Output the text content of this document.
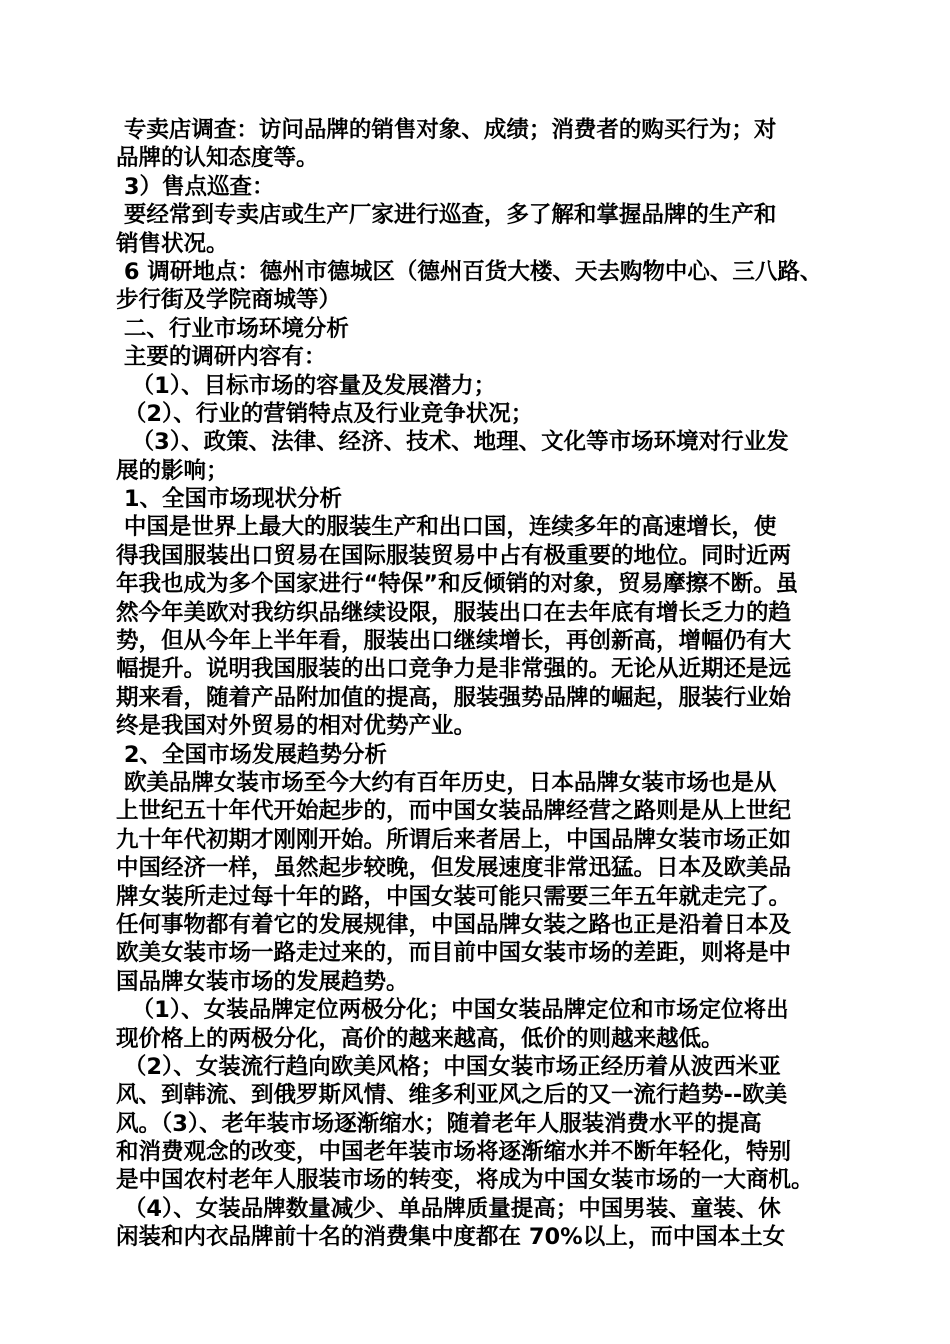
专卖店调查：访问品牌的销售对象、成绩；消费者的购买行为；对
品牌的认知态度等。
3）售点巡查：
要经常到专卖店或生产厂家进行巡查，多了解和掌握品牌的生产和
销售状况。
6 调研地点：德州市德城区（德州百货大楼、天去购物中心、三八路、
步行街及学院商城等）
二、行业市场环境分析
主要的调研内容有：
（1）、目标市场的容量及发展潜力；
（2）、行业的营销特点及行业竞争状况；
（3）、政策、法律、经济、技术、地理、文化等市场环境对行业发
展的影响；
1、全国市场现状分析
中国是世界上最大的服装生产和出口国，连续多年的高速增长，使
得我国服装出口贸易在国际服装贸易中占有极重要的地位。同时近两
年我也成为多个国家进行“特保”和反倾销的对象，贸易摩擦不断。虽
然今年美欧对我纺织品继续设限，服装出口在去年底有增长乏力的趋
势，但从今年上半年看，服装出口继续增长，再创新高，增幅仍有大
幅提升。说明我国服装的出口竞争力是非常强的。无论从近期还是远
期来看，随着产品附加值的提高，服装强势品牌的崛起，服装行业始
终是我国对外贸易的相对优势产业。
2、全国市场发展趋势分析
欧美品牌女装市场至今大约有百年历史，日本品牌女装市场也是从
上世纪五十年代开始起步的，而中国女装品牌经营之路则是从上世纪
九十年代初期才刚刚开始。所谓后来者居上，中国品牌女装市场正如
中国经济一样，虽然起步较晚，但发展速度非常迅猛。日本及欧美品
牌女装所走过每十年的路，中国女装可能只需要三年五年就走完了。
任何事物都有着它的发展规律，中国品牌女装之路也正是沿着日本及
欧美女装市场一路走过来的，而目前中国女装市场的差距，则将是中
国品牌女装市场的发展趋势。
（1）、女装品牌定位两极分化；中国女装品牌定位和市场定位将出
现价格上的两极分化，高价的越来越高，低价的则越来越低。
（2）、女装流行趋向欧美风格；中国女装市场正经历着从波西米亚
风、到韩流、到俄罗斯风情、维多利亚风之后的又一流行趋势--欧美
风。（3）、老年装市场逐渐缩水；随着老年人服装消费水平的提高
和消费观念的改变，中国老年装市场将逐渐缩水并不断年轻化，特别
是中国农村老年人服装市场的转变，将成为中国女装市场的一大商机。
（4）、女装品牌数量减少、单品牌质量提高；中国男装、童装、休
闲装和内衣品牌前十名的消费集中度都在 70%以上，而中国本土女
